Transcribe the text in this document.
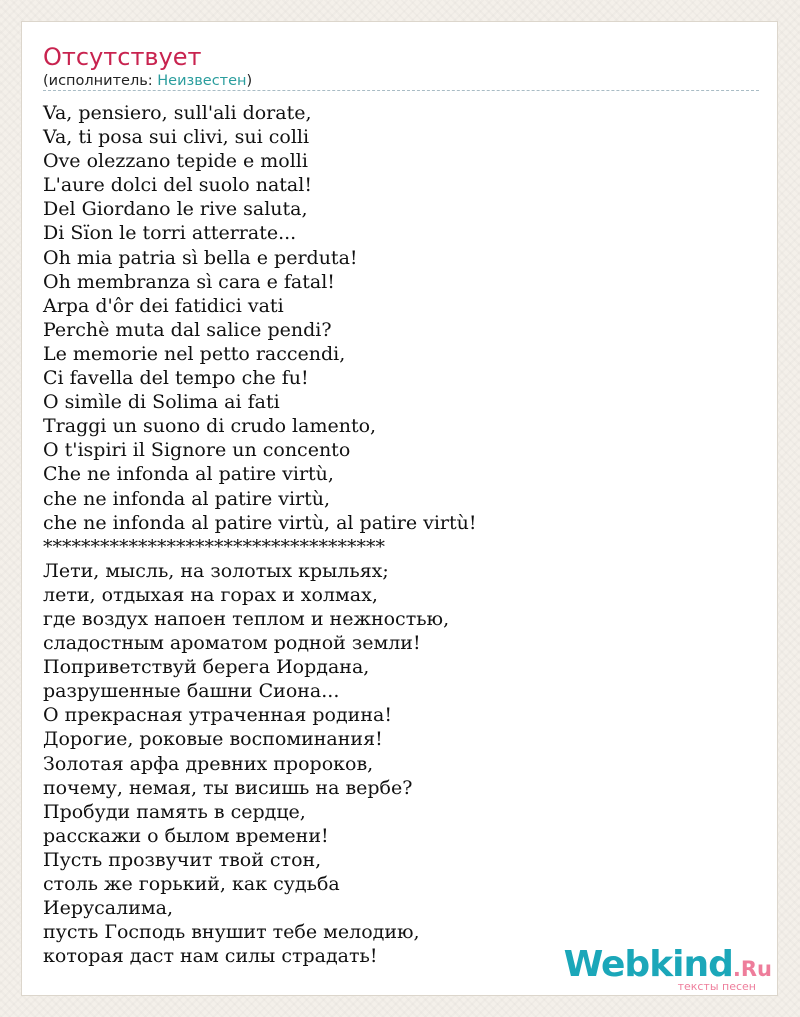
Отсутствует
(исполнитель: Неизвестен)
Va, pensiero, sull'ali dorate,
Va, ti posa sui clivi, sui colli
Ove olezzano tepide e molli
L'aure dolci del suolo natal!
Del Giordano le rive saluta,
Di Sïon le torri atterrate...
Oh mia patria sì bella e perduta!
Oh membranza sì cara e fatal!
Arpa d'ôr dei fatidici vati
Perchè muta dal salice pendi?
Le memorie nel petto raccendi,
Ci favella del tempo che fu!
O simìle di Solima ai fati
Traggi un suono di crudo lamento,
O t'ispiri il Signore un concento
Che ne infonda al patire virtù,
che ne infonda al patire virtù,
che ne infonda al patire virtù, al patire virtù!
************************************
Лети, мысль, на золотых крыльях;
лети, отдыхая на горах и холмах,
где воздух напоен теплом и нежностью,
сладостным ароматом родной земли!
Поприветствуй берега Иордана,
разрушенные башни Сиона...
О прекрасная утраченная родина!
Дорогие, роковые воспоминания!
Золотая арфа древних пророков,
почему, немая, ты висишь на вербе?
Пробуди память в сердце,
расскажи о былом времени!
Пусть прозвучит твой стон,
столь же горький, как судьба
Иерусалима,
пусть Господь внушит тебе мелодию,
которая даст нам силы страдать!	Webkind.Ru
тексты песен
